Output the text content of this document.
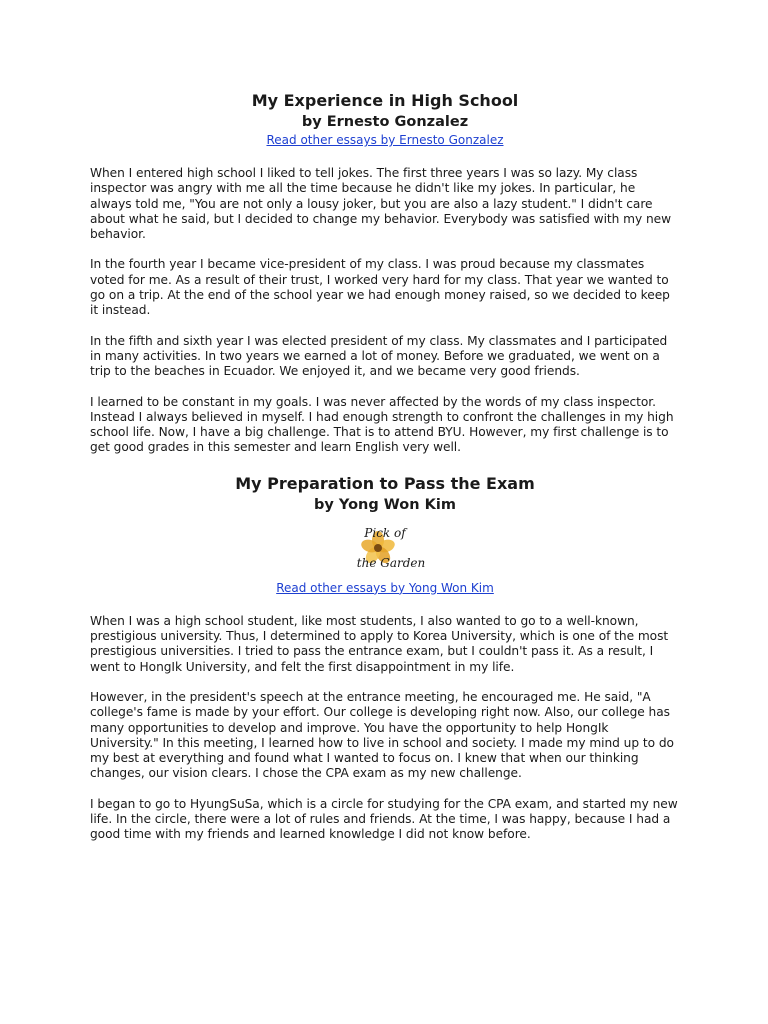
My Experience in High School
by Ernesto Gonzalez
Read other essays by Ernesto Gonzalez

When I entered high school I liked to tell jokes. The first three years I was so lazy. My class inspector was angry with me all the time because he didn't like my jokes. In particular, he always told me, "You are not only a lousy joker, but you are also a lazy student." I didn't care about what he said, but I decided to change my behavior. Everybody was satisfied with my new behavior.

In the fourth year I became vice-president of my class. I was proud because my classmates voted for me. As a result of their trust, I worked very hard for my class. That year we wanted to go on a trip. At the end of the school year we had enough money raised, so we decided to keep it instead.

In the fifth and sixth year I was elected president of my class. My classmates and I participated in many activities. In two years we earned a lot of money. Before we graduated, we went on a trip to the beaches in Ecuador. We enjoyed it, and we became very good friends.

I learned to be constant in my goals. I was never affected by the words of my class inspector. Instead I always believed in myself. I had enough strength to confront the challenges in my high school life. Now, I have a big challenge. That is to attend BYU. However, my first challenge is to get good grades in this semester and learn English very well.

My Preparation to Pass the Exam
by Yong Won Kim
Pick of
the Garden
Read other essays by Yong Won Kim

When I was a high school student, like most students, I also wanted to go to a well-known, prestigious university. Thus, I determined to apply to Korea University, which is one of the most prestigious universities. I tried to pass the entrance exam, but I couldn't pass it. As a result, I went to HongIk University, and felt the first disappointment in my life.

However, in the president's speech at the entrance meeting, he encouraged me. He said, "A college's fame is made by your effort. Our college is developing right now. Also, our college has many opportunities to develop and improve. You have the opportunity to help HongIk University." In this meeting, I learned how to live in school and society. I made my mind up to do my best at everything and found what I wanted to focus on. I knew that when our thinking changes, our vision clears. I chose the CPA exam as my new challenge.

I began to go to HyungSuSa, which is a circle for studying for the CPA exam, and started my new life. In the circle, there were a lot of rules and friends. At the time, I was happy, because I had a good time with my friends and learned knowledge I did not know before.
